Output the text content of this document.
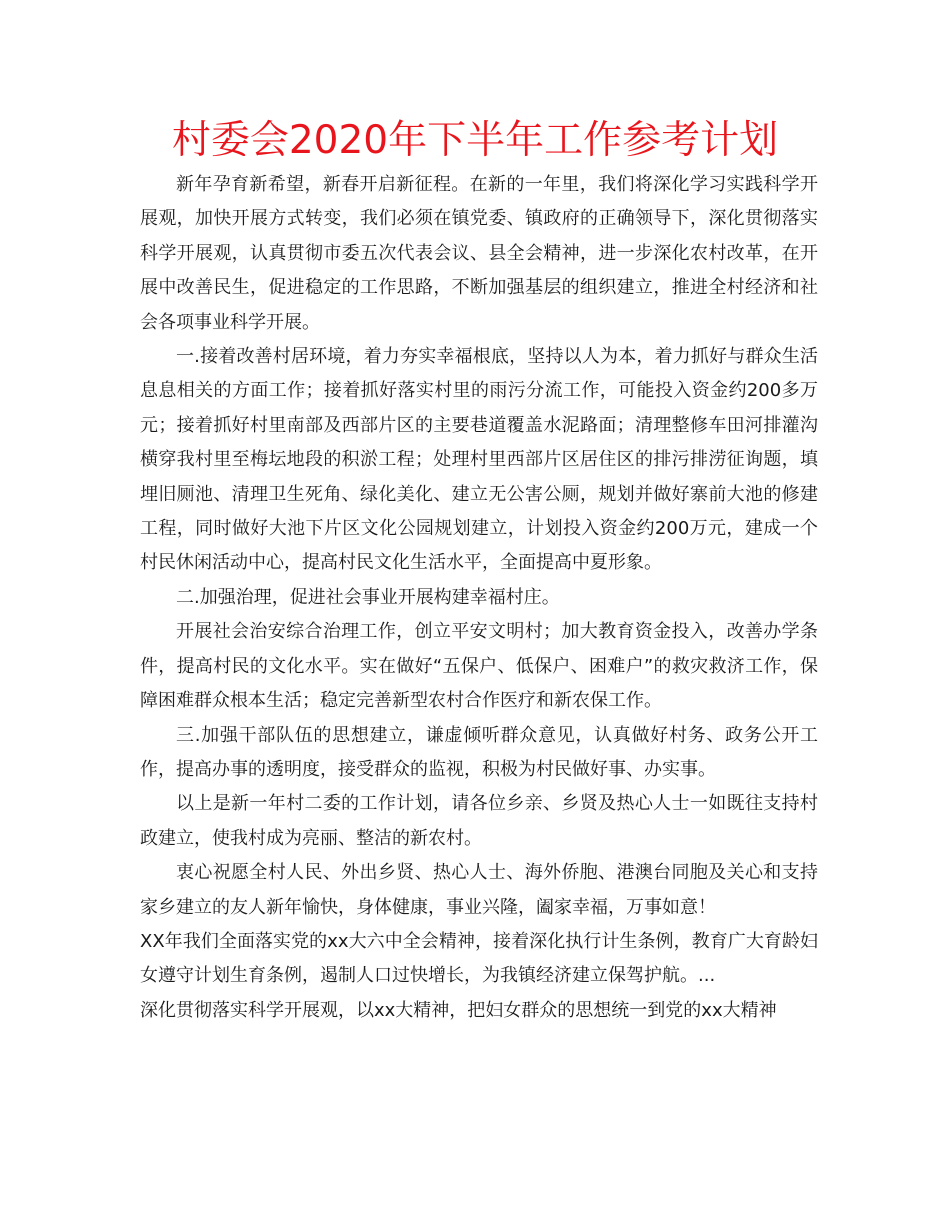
村委会2020年下半年工作参考计划

新年孕育新希望，新春开启新征程。在新的一年里，我们将深化学习实践科学开展观，加快开展方式转变，我们必须在镇党委、镇政府的正确领导下，深化贯彻落实科学开展观，认真贯彻市委五次代表会议、县全会精神，进一步深化农村改革，在开展中改善民生，促进稳定的工作思路，不断加强基层的组织建立，推进全村经济和社会各项事业科学开展。

一.接着改善村居环境，着力夯实幸福根底，坚持以人为本，着力抓好与群众生活息息相关的方面工作；接着抓好落实村里的雨污分流工作，可能投入资金约200多万元；接着抓好村里南部及西部片区的主要巷道覆盖水泥路面；清理整修车田河排灌沟横穿我村里至梅坛地段的积淤工程；处理村里西部片区居住区的排污排涝征询题，填埋旧厕池、清理卫生死角、绿化美化、建立无公害公厕，规划并做好寨前大池的修建工程，同时做好大池下片区文化公园规划建立，计划投入资金约200万元，建成一个村民休闲活动中心，提高村民文化生活水平，全面提高中夏形象。

二.加强治理，促进社会事业开展构建幸福村庄。

开展社会治安综合治理工作，创立平安文明村；加大教育资金投入，改善办学条件，提高村民的文化水平。实在做好“五保户、低保户、困难户”的救灾救济工作，保障困难群众根本生活；稳定完善新型农村合作医疗和新农保工作。

三.加强干部队伍的思想建立，谦虚倾听群众意见，认真做好村务、政务公开工作，提高办事的透明度，接受群众的监视，积极为村民做好事、办实事。

以上是新一年村二委的工作计划，请各位乡亲、乡贤及热心人士一如既往支持村政建立，使我村成为亮丽、整洁的新农村。

衷心祝愿全村人民、外出乡贤、热心人士、海外侨胞、港澳台同胞及关心和支持家乡建立的友人新年愉快，身体健康，事业兴隆，阖家幸福，万事如意！

XX年我们全面落实党的xx大六中全会精神，接着深化执行计生条例，教育广大育龄妇女遵守计划生育条例，遏制人口过快增长，为我镇经济建立保驾护航。...

深化贯彻落实科学开展观，以xx大精神，把妇女群众的思想统一到党的xx大精神
